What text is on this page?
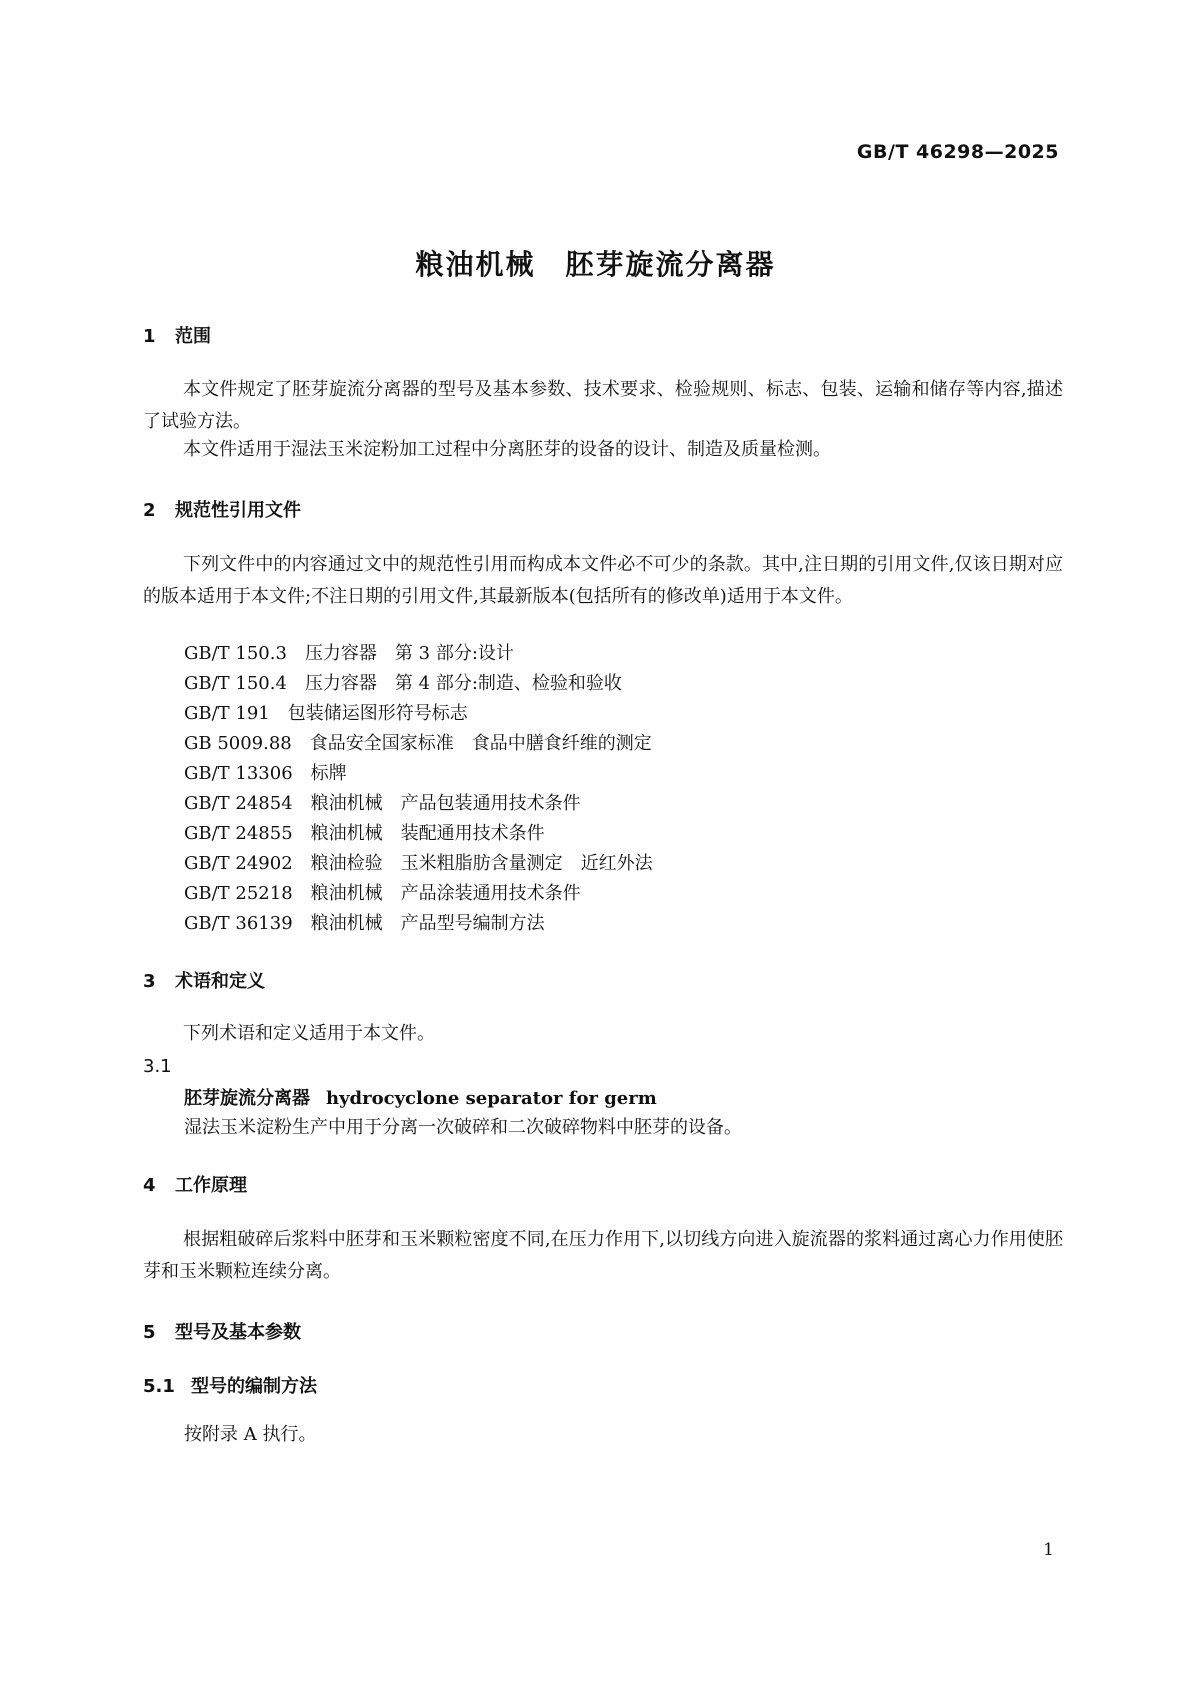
GB/T 46298—2025
粮油机械　胚芽旋流分离器
1 范围
本文件规定了胚芽旋流分离器的型号及基本参数、技术要求、检验规则、标志、包装、运输和储存等内容,描述了试验方法。
本文件适用于湿法玉米淀粉加工过程中分离胚芽的设备的设计、制造及质量检测。
2 规范性引用文件
下列文件中的内容通过文中的规范性引用而构成本文件必不可少的条款。其中,注日期的引用文件,仅该日期对应的版本适用于本文件;不注日期的引用文件,其最新版本(包括所有的修改单)适用于本文件。
GB/T 150.3 压力容器　第 3 部分:设计
GB/T 150.4 压力容器　第 4 部分:制造、检验和验收
GB/T 191 包装储运图形符号标志
GB 5009.88 食品安全国家标准　食品中膳食纤维的测定
GB/T 13306 标牌
GB/T 24854 粮油机械　产品包装通用技术条件
GB/T 24855 粮油机械　装配通用技术条件
GB/T 24902 粮油检验　玉米粗脂肪含量测定　近红外法
GB/T 25218 粮油机械　产品涂装通用技术条件
GB/T 36139 粮油机械　产品型号编制方法
3 术语和定义
下列术语和定义适用于本文件。
3.1
胚芽旋流分离器 hydrocyclone separator for germ
湿法玉米淀粉生产中用于分离一次破碎和二次破碎物料中胚芽的设备。
4 工作原理
根据粗破碎后浆料中胚芽和玉米颗粒密度不同,在压力作用下,以切线方向进入旋流器的浆料通过离心力作用使胚芽和玉米颗粒连续分离。
5 型号及基本参数
5.1 型号的编制方法
按附录 A 执行。
1
